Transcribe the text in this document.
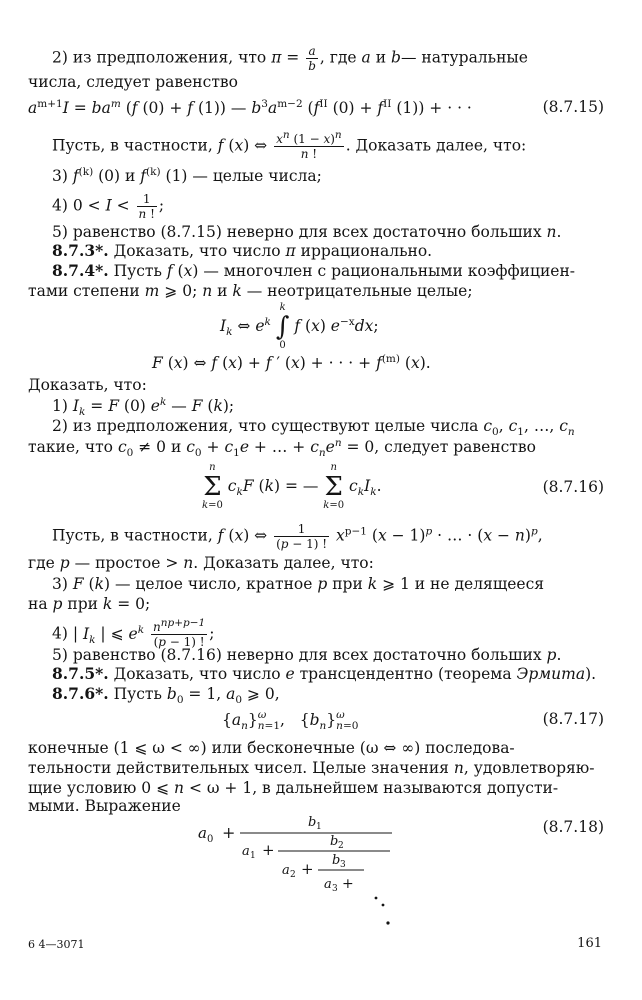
2) из предположения, что $\pi = \frac{a}{b}$ , где a и b— натуральные
числа, следует равенство
$a^{m+1}I = ba^m$ (f (0) + f (1)) — $b^3a^{m-2}$ ($f^{II}$ $(0) + f^{II}$ (1)) + · · ·	(8.7.15)
Пусть, в частности, f (x) ⇔ $\frac{x^n (1 - x)^n}{n !}$ . Доказать далее, что:
3) $f^{(k)}$ (0) и $f^{(k)}$ (1) — целые числа;
4) $0 < I < \frac{1}{n !}$ ;
5) равенство (8.7.15) неверно для всех достаточно больших n.
8.7.3*. Доказать, что число π иррационально.
8.7.4*. Пусть f (x) — многочлен с рациональными коэффициен-
тами степени m ⩾ 0; n и k — неотрицательные целые;
$I_k$ ⇔ $e^k$
k
∫
0
f (x) $e^{-x}dx$;
F (x) ⇔ f (x) + f ′ (x) + · · · + $f^{(m)}$ (x).
Доказать, что:
1) $I_k = F$ (0) $e^k$ — F (k);
2) из предположения, что существуют целые числа $c_0$, $c_1$, …, $c_n$
такие, что $c_0 \ne 0$ и $c_0 + c_1e$ + … + $c_ne^n = 0$, следует равенство
n
Σ
k=0
$c_kF$ (k) = —
n
Σ
k=0
$c_kI_k$.	(8.7.16)
Пусть, в частности, f (x) ⇔ $\frac{1}{(p - 1) !} x^{p-1}$ $(x - 1)^p$ · … · $(x - n)^p$,
где p — простое > n. Доказать далее, что:
3) F (k) — целое число, кратное p при k ⩾ 1 и не делящееся
на p при k = 0;
4) | $I_k$ | ⩽ $e^k \frac{n^{np+p-1}}{(p - 1) !}$ ;
5) равенство (8.7.16) неверно для всех достаточно больших p.
8.7.5*. Доказать, что число e трансцендентно (теорема Эрмита).
8.7.6*. Пусть $b_0 = 1$, $a_0$ ⩾ 0,
$\{a_n\}\omega$
n=1,   $\{b_n\}\omega$
n=0	(8.7.17)
конечные (1 ⩽ ω < ∞) или бесконечные (ω ⇔ ∞) последова-
тельности действительных чисел. Целые значения n, удовлетворяю-
щие условию 0 ⩽ n < ω + 1, в дальнейшем называются допусти-
мыми. Выражение
a 0 +
b 1
a 1 +	b 2
a 2 + b 3
a 3 +
(8.7.18)
6 4—3071	161
